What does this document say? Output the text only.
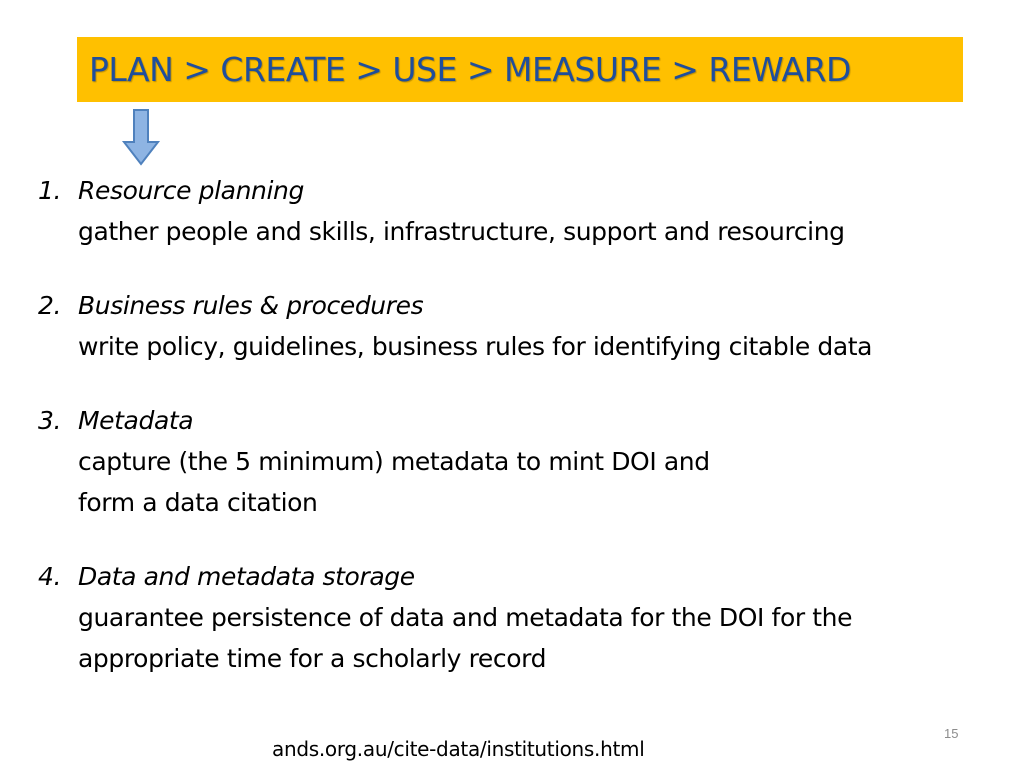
PLAN > CREATE > USE > MEASURE > REWARD
1. Resource planning
gather people and skills, infrastructure, support and resourcing
2. Business rules & procedures
write policy, guidelines, business rules for identifying citable data
3. Metadata
capture (the 5 minimum) metadata to mint DOI and
form a data citation
4. Data and metadata storage
guarantee persistence of data and metadata for the DOI for the
appropriate time for a scholarly record
15
ands.org.au/cite-data/institutions.html
